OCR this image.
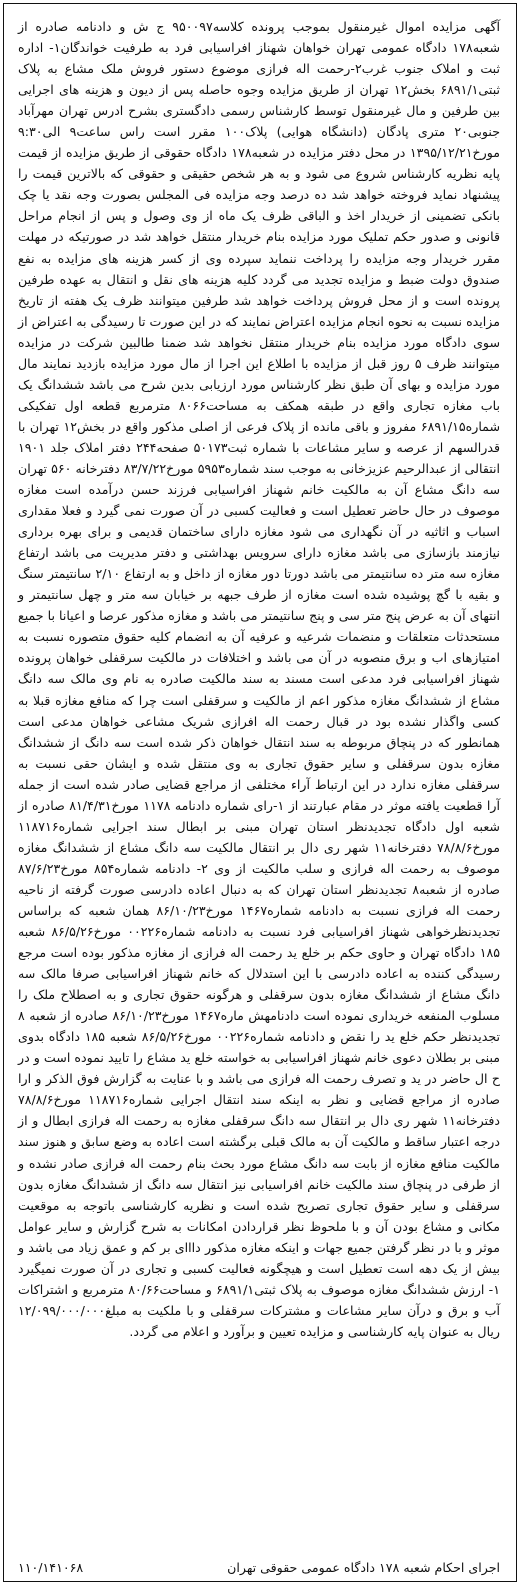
آگهی مزایده اموال غیرمنقول بموجب پرونده کلاسه۹۵۰۰۹۷ ج ش و دادنامه صادره از شعبه۱۷۸ دادگاه عمومی تهران خواهان شهناز افراسیابی فرد به طرفیت خواندگان۱- اداره ثبت و املاک جنوب غرب۲-رحمت اله فرازی موضوع دستور فروش ملک مشاع به پلاک ثبتی۶۸۹۱/۱ بخش۱۲ تهران از طریق مزایده وجوه حاصله پس از دیون و هزینه های اجرایی بین طرفین و مال غیرمنقول توسط کارشناس رسمی دادگستری بشرح ادرس تهران مهرآباد جنوبی۲۰ متری پادگان (دانشگاه هوایی) پلاک۱۰۰ مقرر است راس ساعت۹ الی۹:۳۰ مورخ۱۳۹۵/۱۲/۲۱ در محل دفتر مزایده در شعبه۱۷۸ دادگاه حقوقی از طریق مزایده از قیمت پایه نظریه کارشناس شروع می شود و به هر شخص حقیقی و حقوقی که بالاترین قیمت را پیشنهاد نماید فروخته خواهد شد ده درصد وجه مزایده فی المجلس بصورت وجه نقد یا چک بانکی تضمینی از خریدار اخذ و الباقی ظرف یک ماه از وی وصول و پس از انجام مراحل قانونی و صدور حکم تملیک مورد مزایده بنام خریدار منتقل خواهد شد در صورتیکه در مهلت مقرر خریدار وجه مزایده را پرداخت ننماید سپرده وی از کسر هزینه های مزایده به نفع صندوق دولت ضبط و مزایده تجدید می گردد کلیه هزینه های نقل و انتقال به عهده طرفین پرونده است و از محل فروش پرداخت خواهد شد طرفین میتوانند ظرف یک هفته از تاریخ مزایده نسبت به نحوه انجام مزایده اعتراض نمایند که در این صورت تا رسیدگی به اعتراض از سوی دادگاه مورد مزایده بنام خریدار منتقل نخواهد شد ضمنا طالبین شرکت در مزایده میتوانند ظرف ۵ روز قبل از مزایده با اطلاع این اجرا از مال مورد مزایده بازدید نمایند مال مورد مزایده و بهای آن طبق نظر کارشناس مورد ارزیابی بدین شرح می باشد ششدانگ یک باب مغازه تجاری واقع در طبقه همکف به مساحت۸۰۶۶ مترمربع قطعه اول تفکیکی شماره۶۸۹۱/۱۵ مفروز و باقی مانده از پلاک فرعی از اصلی مذکور واقع در بخش۱۲ تهران با قدرالسهم از عرصه و سایر مشاعات با شماره ثبت۵۰۱۷۳ صفحه۲۴۴ دفتر املاک جلد ۱۹۰۱ انتقالی از عبدالرحیم عزیزخانی به موجب سند شماره۵۹۵۳ مورخ۸۳/۷/۲۲ دفترخانه ۵۶۰ تهران سه دانگ مشاع آن به مالکیت خانم شهناز افراسیابی فرزند حسن درآمده است مغازه موصوف در حال حاضر تعطیل است و فعالیت کسبی در آن صورت نمی گیرد و فعلا مقداری اسباب و اثاثیه در آن نگهداری می شود مغازه دارای ساختمان قدیمی و برای بهره برداری نیازمند بازسازی می باشد مغازه دارای سرویس بهداشتی و دفتر مدیریت می باشد ارتفاع مغازه سه متر ده سانتیمتر می باشد دورتا دور مغازه از داخل و به ارتفاع ۲/۱۰ سانتیمتر سنگ و بقیه با گچ پوشیده شده است مغازه از طرف جبهه بر خیابان سه متر و چهل سانتیمتر و انتهای آن به عرض پنج متر سی و پنج سانتیمتر می باشد و مغازه مذکور عرصا و اعیانا با جمیع مستحدثات متعلقات و منضمات شرعیه و عرفیه آن به انضمام کلیه حقوق متصوره نسبت به امتیازهای اب و برق منصوبه در آن می باشد و اختلافات در مالکیت سرقفلی خواهان پرونده شهناز افراسیابی فرد مدعی است مسند به سند مالکیت صادره به نام وی مالک سه دانگ مشاع از ششدانگ مغازه مذکور اعم از مالکیت و سرقفلی است چرا که منافع مغازه قبلا به کسی واگذار نشده بود در قبال رحمت اله افرازی شریک مشاعی خواهان مدعی است همانطور که در پنچاق مربوطه به سند انتقال خواهان ذکر شده است سه دانگ از ششدانگ مغازه بدون سرقفلی و سایر حقوق تجاری به وی منتقل شده و ایشان حقی نسبت به سرقفلی مغازه ندارد در این ارتباط آراء مختلفی از مراجع قضایی صادر شده است از جمله آرا قطعیت یافته موثر در مقام عبارتند از ۱-رای شماره دادنامه ۱۱۷۸ مورخ۸۱/۴/۳۱ صادره از شعبه اول دادگاه تجدیدنظر استان تهران مبنی بر ابطال سند اجرایی شماره۱۱۸۷۱۶ مورخ۷۸/۸/۶ دفترخانه۱۱ شهر ری دال بر انتقال مالکیت سه دانگ مشاع از ششدانگ مغازه موصوف به رحمت اله فرازی و سلب مالکیت از وی ۲- دادنامه شماره۸۵۴ مورخ۸۷/۶/۲۳ صادره از شعبه۸ تجدیدنظر استان تهران که به دنبال اعاده دادرسی صورت گرفته از ناحیه رحمت اله فرازی نسبت به دادنامه شماره۱۴۶۷ مورخ۸۶/۱۰/۲۳ همان شعبه که براساس تجدیدنظرخواهی شهناز افراسیابی فرد نسبت به دادنامه شماره۰۰۲۲۶ مورخ۸۶/۵/۲۶ شعبه ۱۸۵ دادگاه تهران و حاوی حکم بر خلع ید رحمت اله فرازی از مغازه مذکور بوده است مرجع رسیدگی کننده به اعاده دادرسی با این استدلال که خانم شهناز افراسیابی صرفا مالک سه دانگ مشاع از ششدانگ مغازه بدون سرقفلی و هرگونه حقوق تجاری و به اصطلاح ملک را مسلوب المنفعه خریداری نموده است دادنامهش ماره۱۴۶۷ مورخ۸۶/۱۰/۲۳ صادره از شعبه ۸ تجدیدنظر حکم خلع ید را نقض و دادنامه شماره۰۰۲۲۶ مورخ۸۶/۵/۲۶ شعبه ۱۸۵ دادگاه بدوی مبنی بر بطلان دعوی خانم شهناز افراسیابی به خواسته خلع ید مشاع را تایید نموده است و در ح ال حاضر در ید و تصرف رحمت اله فرازی می باشد و با عنایت به گزارش فوق الذکر و ارا صادره از مراجع قضایی و نظر به اینکه سند انتقال اجرایی شماره۱۱۸۷۱۶ مورخ۷۸/۸/۶ دفترخانه۱۱ شهر ری دال بر انتقال سه دانگ سرقفلی مغازه به رحمت اله فرازی ابطال و از درجه اعتبار ساقط و مالکیت آن به مالک قبلی برگشته است اعاده به وضع سابق و هنوز سند مالکیت منافع مغازه از بابت سه دانگ مشاع مورد بحث بنام رحمت اله فرازی صادر نشده و از طرفی در پنچاق سند مالکیت خانم افراسیابی نیز انتقال سه دانگ از ششدانگ مغازه بدون سرقفلی و سایر حقوق تجاری تصریح شده است و نظریه کارشناسی باتوجه به موقعیت مکانی و مشاع بودن آن و با ملحوظ نظر قراردادن امکانات به شرح گزارش و سایر عوامل موثر و با در نظر گرفتن جمیع جهات و اینکه مغازه مذکور دااای بر کم و عمق زیاد می باشد و بیش از یک دهه است تعطیل است و هیچگونه فعالیت کسبی و تجاری در آن صورت نمیگیرد ۱- ارزش ششدانگ مغازه موصوف به پلاک ثبتی۶۸۹۱/۱ و مساحت۸۰/۶۶ مترمربع و اشتراکات آب و برق و درآن سایر مشاعات و مشترکات سرقفلی و با ملکیت به مبلغ۱۲/۰۹۹/۰۰۰/۰۰۰ ریال به عنوان پایه کارشناسی و مزایده تعیین و برآورد و اعلام می گردد.

اجرای احکام شعبه ۱۷۸ دادگاه عمومی حقوقی تهران
۱۱۰/۱۴۱۰۶۸
